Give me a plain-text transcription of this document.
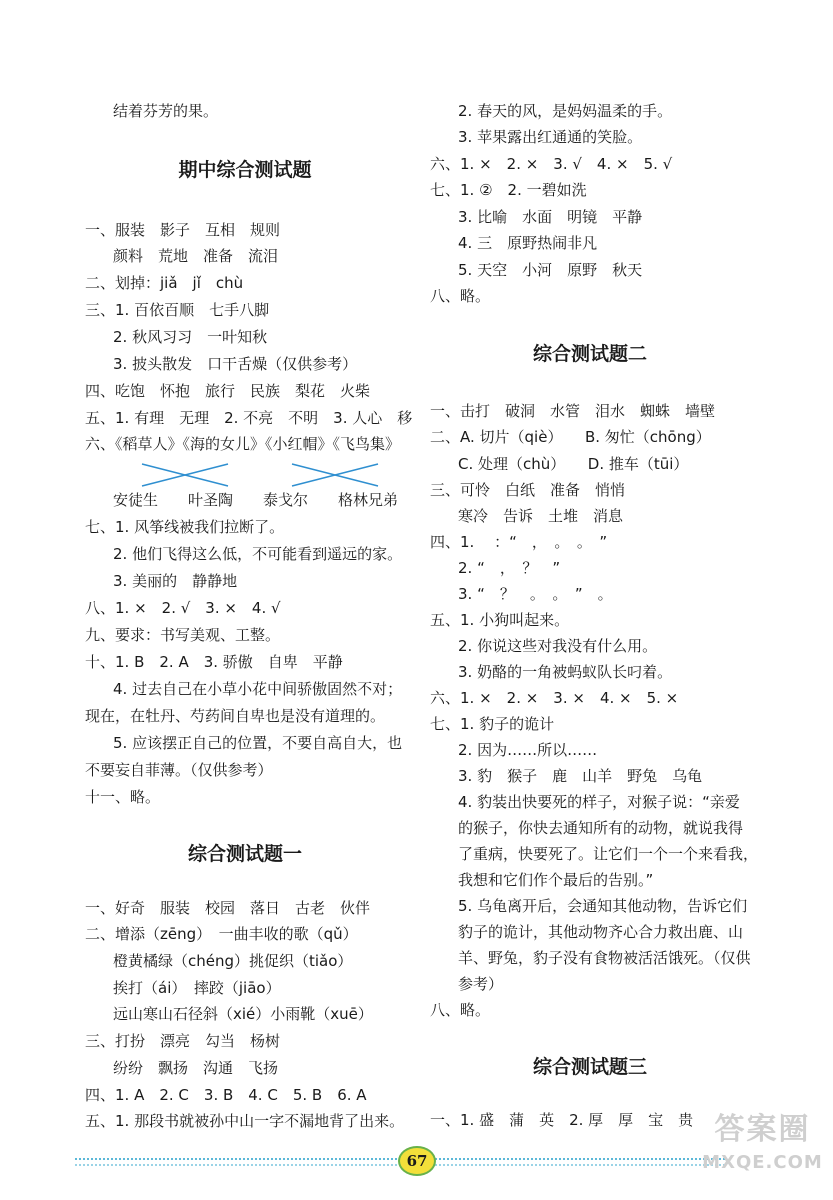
结着芬芳的果。
期中综合测试题
一、服装　影子　互相　规则
颜料　荒地　准备　流泪
二、划掉：jiǎ　jǐ　chù
三、1. 百依百顺　七手八脚
2. 秋风习习　一叶知秋
3. 披头散发　口干舌燥（仅供参考）
四、吃饱　怀抱　旅行　民族　梨花　火柴
五、1. 有理　无理　2. 不亮　不明　3. 人心　移
六、《稻草人》《海的女儿》《小红帽》《飞鸟集》
安徒生　　叶圣陶　　泰戈尔　　格林兄弟
七、1. 风筝线被我们拉断了。
2. 他们飞得这么低，不可能看到遥远的家。
3. 美丽的　静静地
八、1. ×　2. √　3. ×　4. √
九、要求：书写美观、工整。
十、1. B　2. A　3. 骄傲　自卑　平静
4. 过去自己在小草小花中间骄傲固然不对；
现在，在牡丹、芍药间自卑也是没有道理的。
5. 应该摆正自己的位置，不要自高自大，也
不要妄自菲薄。（仅供参考）
十一、略。
综合测试题一
一、好奇　服装　校园　落日　古老　伙伴
二、增添（zēng）　一曲丰收的歌（qǔ）
橙黄橘绿（chéng）挑促织（tiǎo）
挨打（ái）　摔跤（jiāo）
远山寒山石径斜（xié）小雨靴（xuē）
三、打扮　漂亮　勾当　杨树
纷纷　飘扬　沟通　飞扬
四、1. A　2. C　3. B　4. C　5. B　6. A
五、1. 那段书就被孙中山一字不漏地背了出来。
2. 春天的风，是妈妈温柔的手。
3. 苹果露出红通通的笑脸。
六、1. ×　2. ×　3. √　4. ×　5. √
七、1. ②　2. 一碧如洗
3. 比喻　水面　明镜　平静
4. 三　原野热闹非凡
5. 天空　小河　原野　秋天
八、略。
综合测试题二
一、击打　破洞　水管　泪水　蜘蛛　墙壁
二、A. 切片（qiè）　　B. 匆忙（chōng）
C. 处理（chù）　　D. 推车（tūi）
三、可怜　白纸　准备　悄悄
寒冷　告诉　土堆　消息
四、1. 　：“　，　。　。　”
2. “　，　？　”
3. “　？　。　。　”　。
五、1. 小狗叫起来。
2. 你说这些对我没有什么用。
3. 奶酪的一角被蚂蚁队长叼着。
六、1. ×　2. ×　3. ×　4. ×　5. ×
七、1. 豹子的诡计
2. 因为……所以……
3. 豹　猴子　鹿　山羊　野兔　乌龟
4. 豹装出快要死的样子，对猴子说：“亲爱
的猴子，你快去通知所有的动物，就说我得
了重病，快要死了。让它们一个一个来看我，
我想和它们作个最后的告别。”
5. 乌龟离开后，会通知其他动物，告诉它们
豹子的诡计，其他动物齐心合力救出鹿、山
羊、野兔，豹子没有食物被活活饿死。（仅供
参考）
八、略。
综合测试题三
一、1. 盛　蒲　英　2. 厚　厚　宝　贵
67
答案圈
MXQE.COM
